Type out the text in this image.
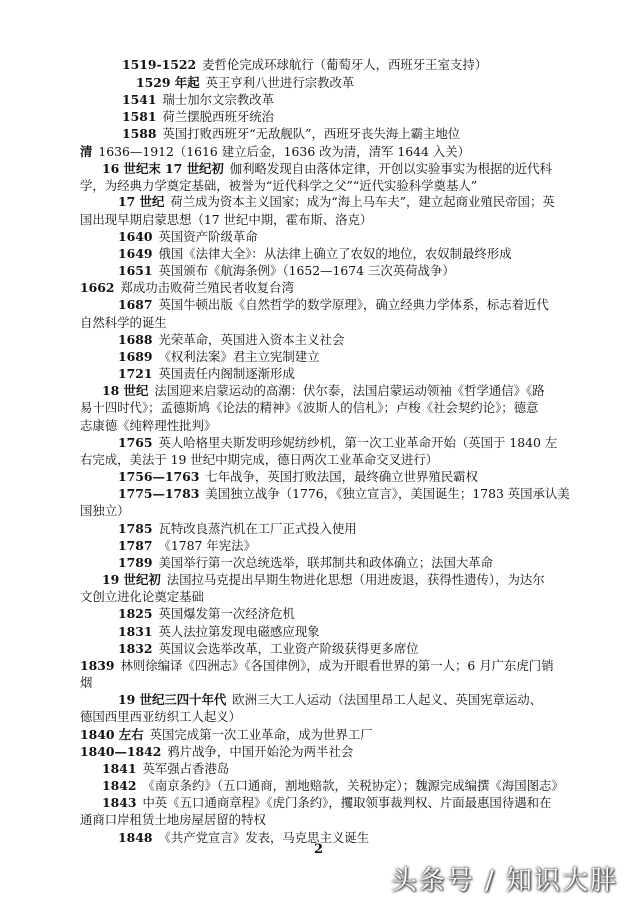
1519-1522 麦哲伦完成环球航行（葡萄牙人，西班牙王室支持）
1529 年起 英王亨利八世进行宗教改革
1541 瑞士加尔文宗教改革
1581 荷兰摆脱西班牙统治
1588 英国打败西班牙“无敌舰队”，西班牙丧失海上霸主地位
清 1636—1912（1616 建立后金，1636 改为清，清军 1644 入关）
16 世纪末 17 世纪初 伽利略发现自由落体定律，开创以实验事实为根据的近代科
学，为经典力学奠定基础，被誉为“近代科学之父”“近代实验科学奠基人”
17 世纪 荷兰成为资本主义国家；成为“海上马车夫”，建立起商业殖民帝国；英
国出现早期启蒙思想（17 世纪中期，霍布斯、洛克）
1640 英国资产阶级革命
1649 俄国《法律大全》：从法律上确立了农奴的地位，农奴制最终形成
1651 英国颁布《航海条例》（1652—1674 三次英荷战争）
1662 郑成功击败荷兰殖民者收复台湾
1687 英国牛顿出版《自然哲学的数学原理》，确立经典力学体系，标志着近代
自然科学的诞生
1688 光荣革命，英国进入资本主义社会
1689 《权利法案》君主立宪制建立
1721 英国责任内阁制逐渐形成
18 世纪 法国迎来启蒙运动的高潮：伏尔泰，法国启蒙运动领袖《哲学通信》《路
易十四时代》；孟德斯鸠《论法的精神》《波斯人的信札》；卢梭《社会契约论》；德意
志康德《纯粹理性批判》
1765 英人哈格里夫斯发明珍妮纺纱机，第一次工业革命开始（英国于 1840 左
右完成，美法于 19 世纪中期完成，德日两次工业革命交叉进行）
1756—1763 七年战争，英国打败法国，最终确立世界殖民霸权
1775—1783 美国独立战争（1776，《独立宣言》，美国诞生；1783 英国承认美
国独立）
1785 瓦特改良蒸汽机在工厂正式投入使用
1787 《1787 年宪法》
1789 美国举行第一次总统选举，联邦制共和政体确立；法国大革命
19 世纪初 法国拉马克提出早期生物进化思想（用进废退，获得性遗传），为达尔
文创立进化论奠定基础
1825 英国爆发第一次经济危机
1831 英人法拉第发现电磁感应现象
1832 英国议会选举改革，工业资产阶级获得更多席位
1839 林则徐编译《四洲志》《各国律例》，成为开眼看世界的第一人；6 月广东虎门销
烟
19 世纪三四十年代 欧洲三大工人运动（法国里昂工人起义、英国宪章运动、
德国西里西亚纺织工人起义）
1840 左右 英国完成第一次工业革命，成为世界工厂
1840—1842 鸦片战争，中国开始沦为两半社会
1841 英军强占香港岛
1842 《南京条约》（五口通商，割地赔款，关税协定）；魏源完成编撰《海国图志》
1843 中英《五口通商章程》《虎门条约》，攫取领事裁判权、片面最惠国待遇和在
通商口岸租赁土地房屋居留的特权
1848 《共产党宣言》发表，马克思主义诞生
2
头条号 / 知识大胖
